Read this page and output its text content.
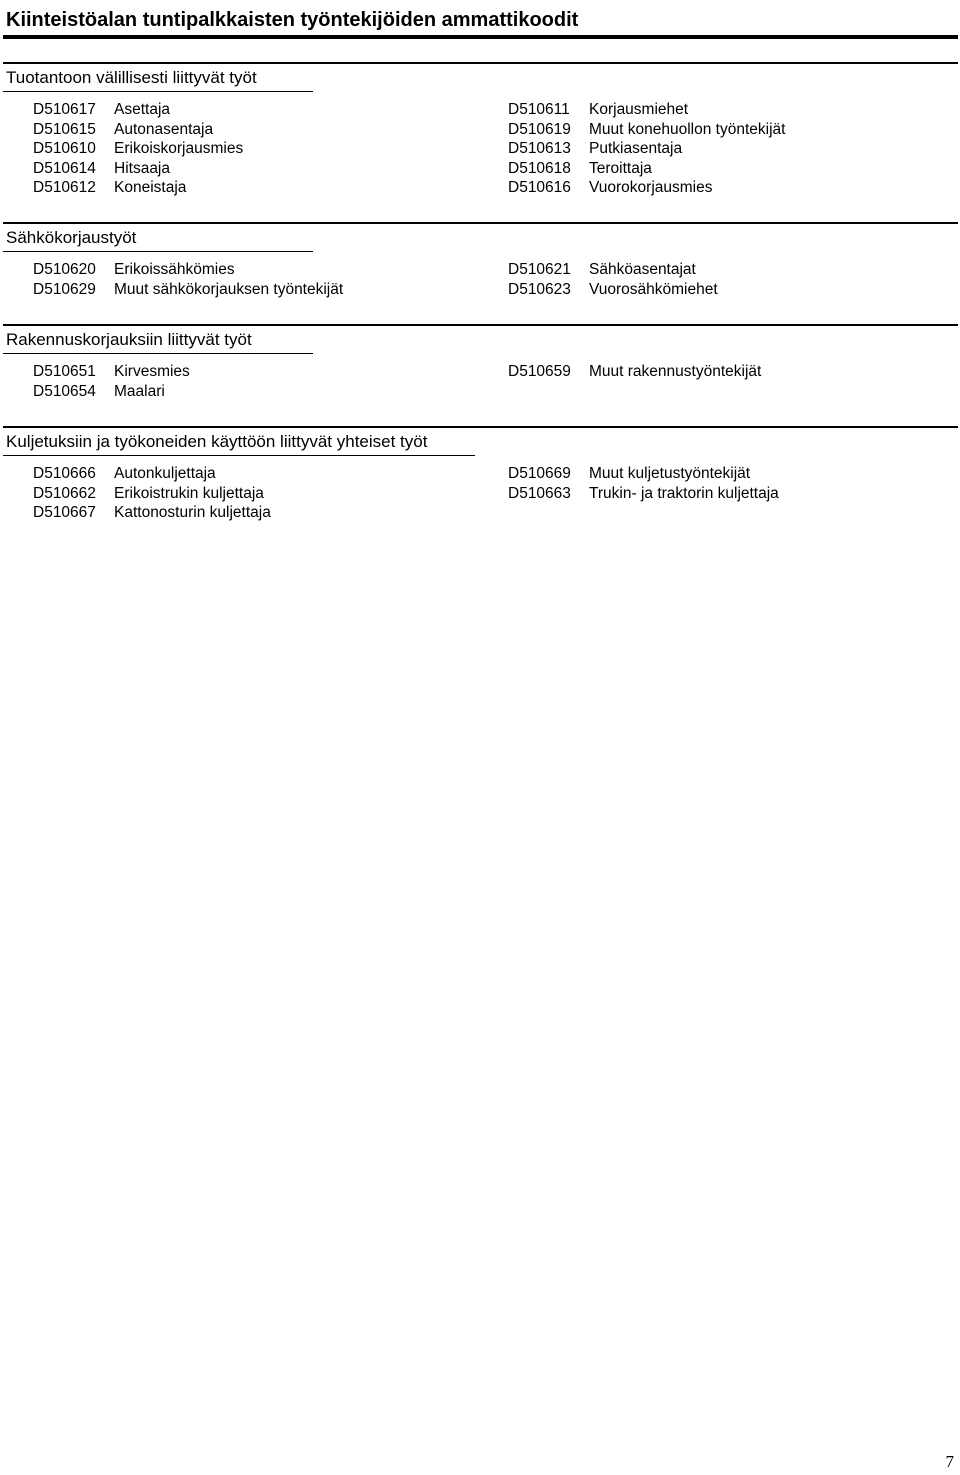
Kiinteistöalan tuntipalkkaisten työntekijöiden ammattikoodit
Tuotantoon välillisesti liittyvät työt
D510617 Asettaja
D510615 Autonasentaja
D510610 Erikoiskorjausmies
D510614 Hitsaaja
D510612 Koneistaja
D510611 Korjausmiehet
D510619 Muut konehuollon työntekijät
D510613 Putkiasentaja
D510618 Teroittaja
D510616 Vuorokorjausmies
Sähkökorjaustyöt
D510620 Erikoissähkömies
D510629 Muut sähkökorjauksen työntekijät
D510621 Sähköasentajat
D510623 Vuorosähkömiehet
Rakennuskorjauksiin liittyvät työt
D510651 Kirvesmies
D510654 Maalari
D510659 Muut rakennustyöntekijät
Kuljetuksiin ja työkoneiden käyttöön liittyvät yhteiset työt
D510666 Autonkuljettaja
D510662 Erikoistrukin kuljettaja
D510667 Kattonosturin kuljettaja
D510669 Muut kuljetustyöntekijät
D510663 Trukin- ja traktorin kuljettaja
7
